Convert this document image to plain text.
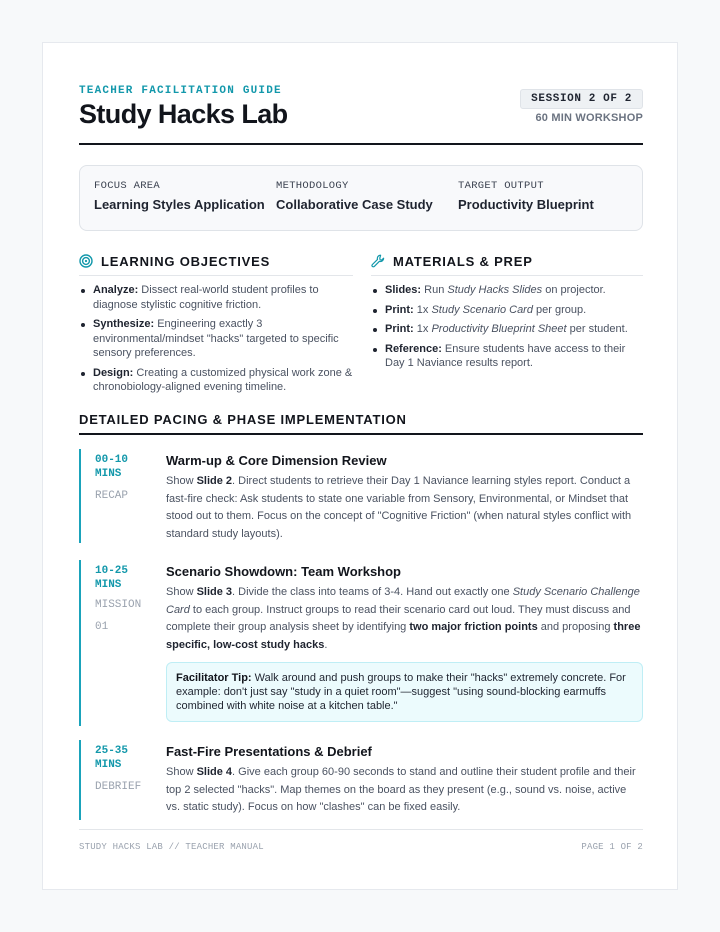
TEACHER FACILITATION GUIDE
Study Hacks Lab	SESSION 2 OF 2
60 MIN WORKSHOP
FOCUS AREA
Learning Styles Application
METHODOLOGY
Collaborative Case Study
TARGET OUTPUT
Productivity Blueprint
LEARNING OBJECTIVES
Analyze: Dissect real-world student profiles to diagnose stylistic cognitive friction.
Synthesize: Engineering exactly 3 environmental/mindset "hacks" targeted to specific sensory preferences.
Design: Creating a customized physical work zone & chronobiology-aligned evening timeline.
MATERIALS & PREP
Slides: Run Study Hacks Slides on projector.
Print: 1x Study Scenario Card per group.
Print: 1x Productivity Blueprint Sheet per student.
Reference: Ensure students have access to their Day 1 Naviance results report.
DETAILED PACING & PHASE IMPLEMENTATION
00-10 MINS
RECAP
Warm-up & Core Dimension Review

Show Slide 2. Direct students to retrieve their Day 1 Naviance learning styles report. Conduct a fast-fire check: Ask students to state one variable from Sensory, Environmental, or Mindset that stood out to them. Focus on the concept of "Cognitive Friction" (when natural styles conflict with standard study layouts).

10-25 MINS
MISSION 01
Scenario Showdown: Team Workshop

Show Slide 3. Divide the class into teams of 3-4. Hand out exactly one Study Scenario Challenge Card to each group. Instruct groups to read their scenario card out loud. They must discuss and complete their group analysis sheet by identifying two major friction points and proposing three specific, low-cost study hacks.

Facilitator Tip: Walk around and push groups to make their "hacks" extremely concrete. For example: don't just say "study in a quiet room"—suggest "using sound-blocking earmuffs combined with white noise at a kitchen table."
25-35 MINS
DEBRIEF
Fast-Fire Presentations & Debrief

Show Slide 4. Give each group 60-90 seconds to stand and outline their student profile and their top 2 selected "hacks". Map themes on the board as they present (e.g., sound vs. noise, active vs. static study). Focus on how "clashes" can be fixed easily.

STUDY HACKS LAB // TEACHER MANUAL	PAGE 1 OF 2
